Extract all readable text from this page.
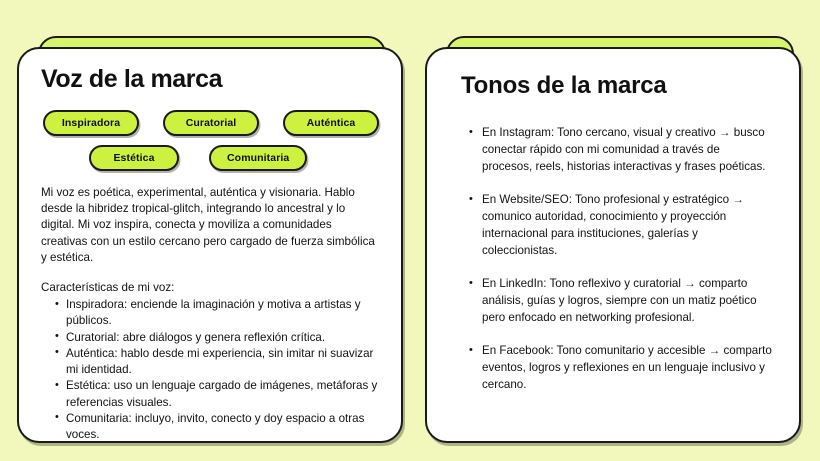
Voz de la marca
Inspiradora	Curatorial	Auténtica
Estética	Comunitaria

Mi voz es poética, experimental, auténtica y visionaria. Hablo desde la hibridez tropical-glitch, integrando lo ancestral y lo digital. Mi voz inspira, conecta y moviliza a comunidades creativas con un estilo cercano pero cargado de fuerza simbólica y estética.

Características de mi voz:
• Inspiradora: enciende la imaginación y motiva a artistas y públicos.
• Curatorial: abre diálogos y genera reflexión crítica.
• Auténtica: hablo desde mi experiencia, sin imitar ni suavizar mi identidad.
• Estética: uso un lenguaje cargado de imágenes, metáforas y referencias visuales.
• Comunitaria: incluyo, invito, conecto y doy espacio a otras voces.
Tonos de la marca
• En Instagram: Tono cercano, visual y creativo → busco conectar rápido con mi comunidad a través de procesos, reels, historias interactivas y frases poéticas.
• En Website/SEO: Tono profesional y estratégico → comunico autoridad, conocimiento y proyección internacional para instituciones, galerías y coleccionistas.
• En LinkedIn: Tono reflexivo y curatorial → comparto análisis, guías y logros, siempre con un matiz poético pero enfocado en networking profesional.
• En Facebook: Tono comunitario y accesible → comparto eventos, logros y reflexiones en un lenguaje inclusivo y cercano.
